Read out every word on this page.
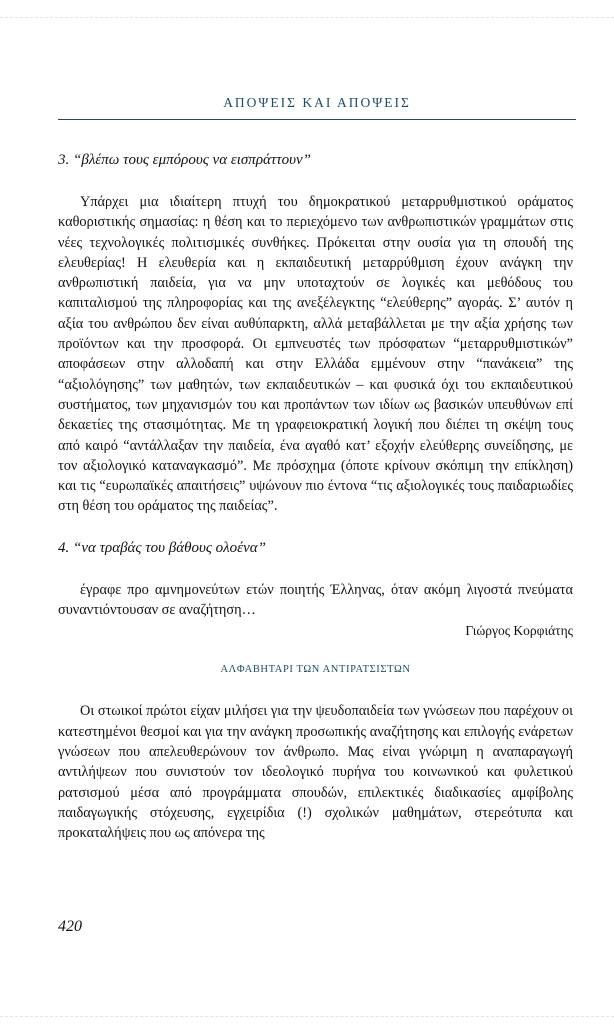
ΑΠΟΨΕΙΣ ΚΑΙ ΑΠΟΨΕΙΣ
3. “βλέπω τους εμπόρους να εισπράττουν”

Υπάρχει μια ιδιαίτερη πτυχή του δημοκρατικού μεταρρυθμιστικού οράματος καθοριστικής σημασίας: η θέση και το περιεχόμενο των ανθρωπιστικών γραμμάτων στις νέες τεχνολογικές πολιτισμικές συνθήκες. Πρόκειται στην ουσία για τη σπουδή της ελευθερίας! Η ελευθερία και η εκπαιδευτική μεταρρύθμιση έχουν ανάγκη την ανθρωπιστική παιδεία, για να μην υποταχτούν σε λογικές και μεθόδους του καπιταλισμού της πληροφορίας και της ανεξέλεγκτης “ελεύθερης” αγοράς. Σ’ αυτόν η αξία του ανθρώπου δεν είναι αυθύπαρκτη, αλλά μεταβάλλεται με την αξία χρήσης των προϊόντων και την προσφορά. Οι εμπνευστές των πρόσφατων “μεταρρυθμιστικών” αποφάσεων στην αλλοδαπή και στην Ελλάδα εμμένουν στην “πανάκεια” της “αξιολόγησης” των μαθητών, των εκπαιδευτικών – και φυσικά όχι του εκπαιδευτικού συστήματος, των μηχανισμών του και προπάντων των ιδίων ως βασικών υπευθύνων επί δεκαετίες της στασιμότητας. Με τη γραφειοκρατική λογική που διέπει τη σκέψη τους από καιρό “αντάλλαξαν την παιδεία, ένα αγαθό κατ’ εξοχήν ελεύθερης συνείδησης, με τον αξιολογικό καταναγκασμό”. Με πρόσχημα (όποτε κρίνουν σκόπιμη την επίκληση) και τις “ευρωπαϊκές απαιτήσεις” υψώνουν πιο έντονα “τις αξιολογικές τους παιδαριωδίες στη θέση του οράματος της παιδείας”.

4. “να τραβάς του βάθους ολοένα”

έγραφε προ αμνημονεύτων ετών ποιητής Έλληνας, όταν ακόμη λιγοστά πνεύματα συναντιόντουσαν σε αναζήτηση…

Γιώργος Κορφιάτης
ΑΛΦΑΒΗΤΑΡΙ ΤΩΝ ΑΝΤΙΡΑΤΣΙΣΤΩΝ

Οι στωικοί πρώτοι είχαν μιλήσει για την ψευδοπαιδεία των γνώσεων που παρέχουν οι κατεστημένοι θεσμοί και για την ανάγκη προσωπικής αναζήτησης και επιλογής ενάρετων γνώσεων που απελευθερώνουν τον άνθρωπο. Μας είναι γνώριμη η αναπαραγωγή αντιλήψεων που συνιστούν τον ιδεολογικό πυρήνα του κοινωνικού και φυλετικού ρατσισμού μέσα από προγράμματα σπουδών, επιλεκτικές διαδικασίες αμφίβολης παιδαγωγικής στόχευσης, εγχειρίδια (!) σχολικών μαθημάτων, στερεότυπα και προκαταλήψεις που ως απόνερα της

420
